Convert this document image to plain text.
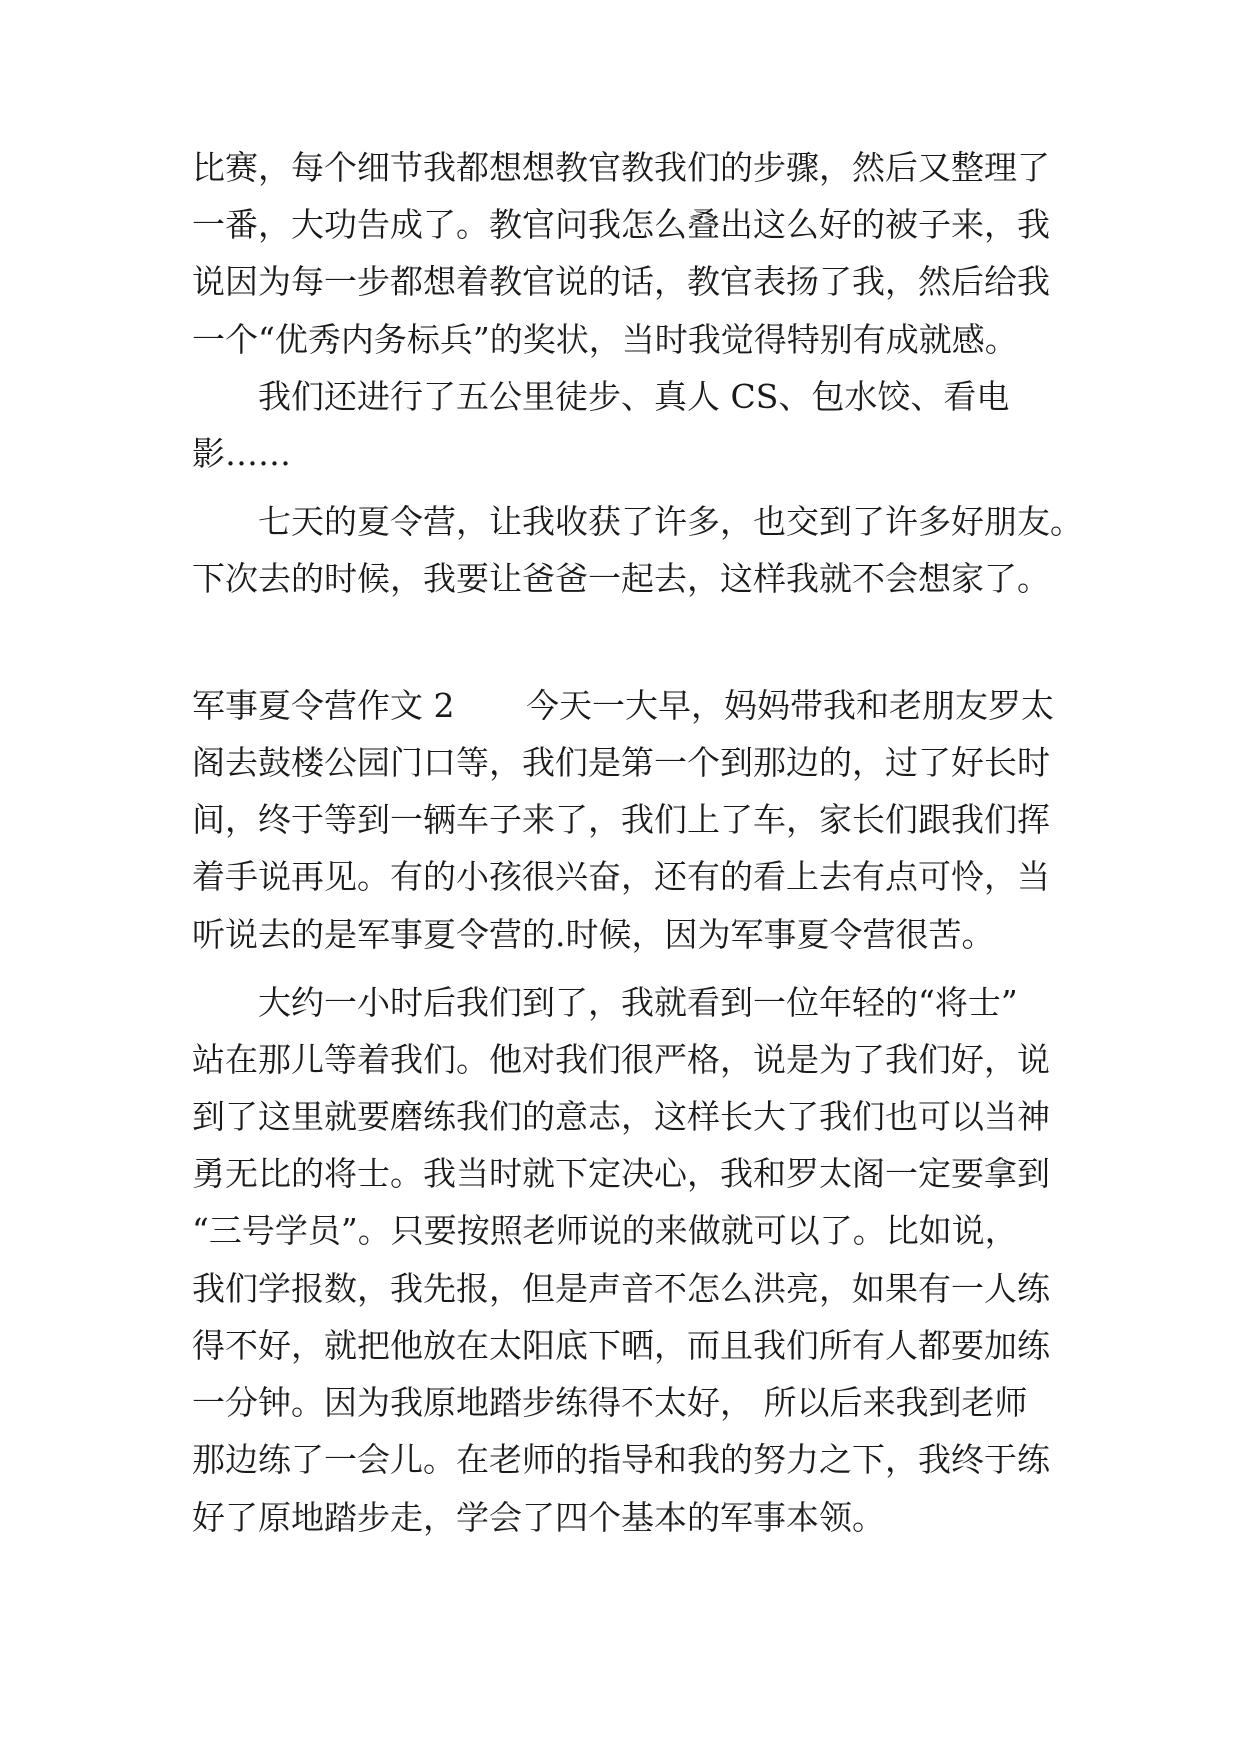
比赛，每个细节我都想想教官教我们的步骤，然后又整理了
一番，大功告成了。教官问我怎么叠出这么好的被子来，我
说因为每一步都想着教官说的话，教官表扬了我，然后给我
一个“优秀内务标兵”的奖状，当时我觉得特别有成就感。
我们还进行了五公里徒步、真人 CS、包水饺、看电
影……
七天的夏令营，让我收获了许多，也交到了许多好朋友。
下次去的时候，我要让爸爸一起去，这样我就不会想家了。
军事夏令营作文 2 今天一大早，妈妈带我和老朋友罗太
阁去鼓楼公园门口等，我们是第一个到那边的，过了好长时
间，终于等到一辆车子来了，我们上了车，家长们跟我们挥
着手说再见。有的小孩很兴奋，还有的看上去有点可怜，当
听说去的是军事夏令营的.时候，因为军事夏令营很苦。
大约一小时后我们到了，我就看到一位年轻的“将士”
站在那儿等着我们。他对我们很严格，说是为了我们好，说
到了这里就要磨练我们的意志，这样长大了我们也可以当神
勇无比的将士。我当时就下定决心，我和罗太阁一定要拿到
“三号学员”。只要按照老师说的来做就可以了。比如说，
我们学报数，我先报，但是声音不怎么洪亮，如果有一人练
得不好，就把他放在太阳底下晒，而且我们所有人都要加练
一分钟。因为我原地踏步练得不太好， 所以后来我到老师
那边练了一会儿。在老师的指导和我的努力之下，我终于练
好了原地踏步走，学会了四个基本的军事本领。
